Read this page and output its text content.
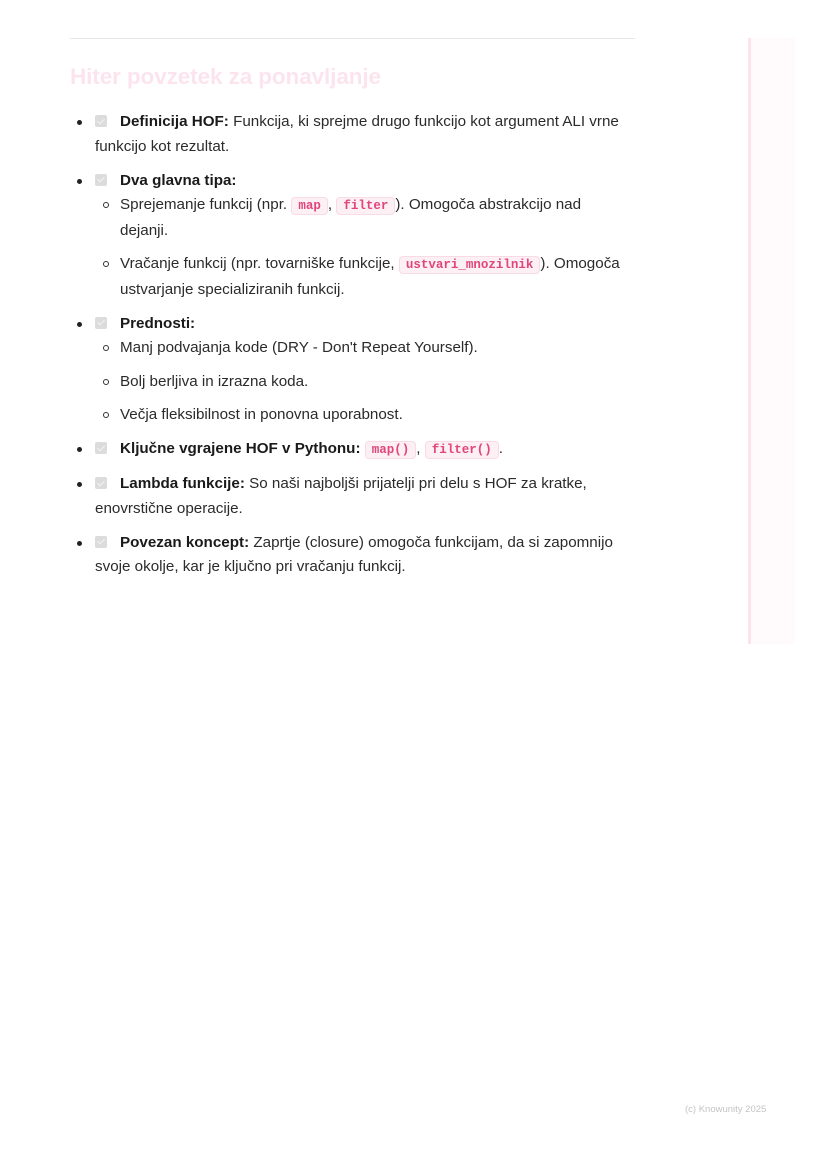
Hiter povzetek za ponavljanje
Definicija HOF: Funkcija, ki sprejme drugo funkcijo kot argument ALI vrne funkcijo kot rezultat.
Dva glavna tipa:
Sprejemanje funkcij (npr. map , filter ). Omogoča abstrakcijo nad dejanji.
Vračanje funkcij (npr. tovarniške funkcije, ustvari_mnozilnik ). Omogoča ustvarjanje specializiranih funkcij.
Prednosti:
Manj podvajanja kode (DRY - Don't Repeat Yourself).
Bolj berljiva in izrazna koda.
Večja fleksibilnost in ponovna uporabnost.
Ključne vgrajene HOF v Pythonu: map() , filter() .
Lambda funkcije: So naši najboljši prijatelji pri delu s HOF za kratke, enovrstične operacije.
Povezan koncept: Zaprtje (closure) omogoča funkcijam, da si zapomnijo svoje okolje, kar je ključno pri vračanju funkcij.
(c) Knowunity 2025
